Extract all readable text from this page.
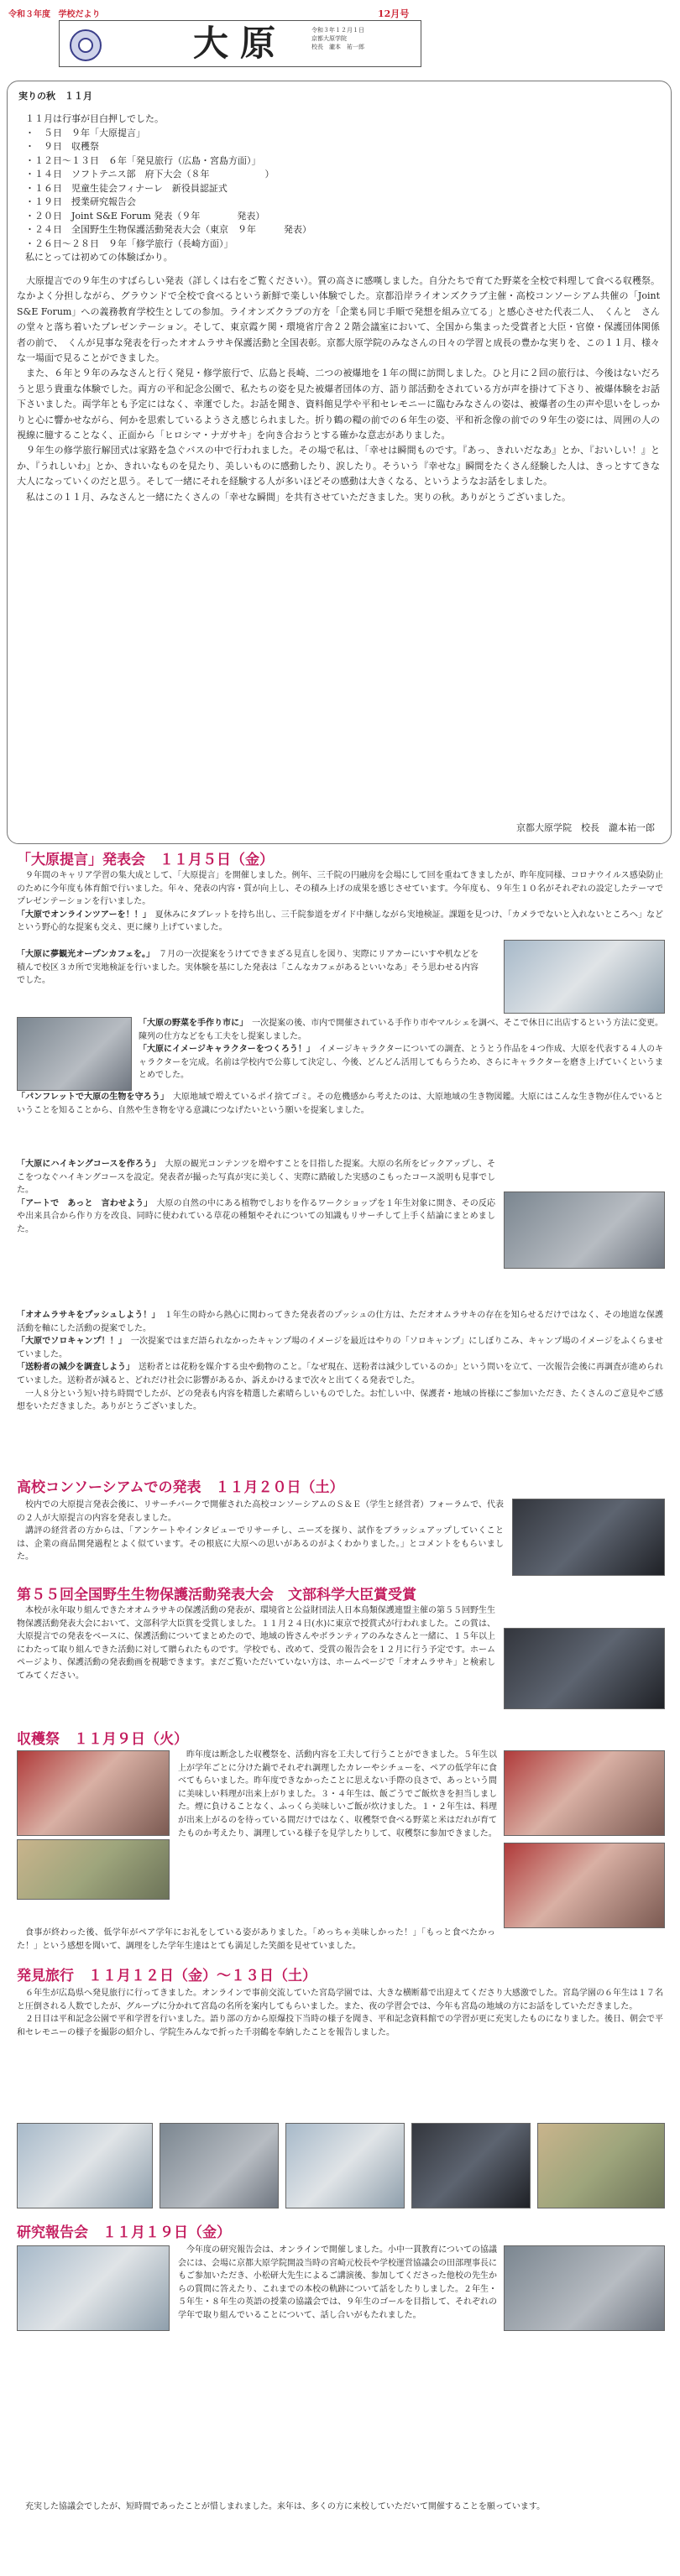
令和３年度 学校だより	12月号
大原	令和３年１２月１日
京都大原学院
校長　瀧本　祐一郎
実りの秋　１１月
１１月は行事が目白押しでした。
・　５日　９年「大原提言」
・　９日　収穫祭
・１２日～１３日　６年「発見旅行（広島・宮島方面）」
・１４日　ソフトテニス部　府下大会（８年　　　　　　）
・１６日　児童生徒会フィナーレ　新役員認証式
・１９日　授業研究報告会
・２０日　Joint S&E Forum 発表（９年　　　　発表）
・２４日　全国野生生物保護活動発表大会（東京　９年　　　発表）
・２６日～２８日　９年「修学旅行（長崎方面）」
私にとっては初めての体験ばかり。

大原提言での９年生のすばらしい発表（詳しくは右をご覧ください）。質の高さに感嘆しました。自分たちで育てた野菜を全校で料理して食べる収穫祭。なかよく分担しながら、グラウンドで全校で食べるという新鮮で楽しい体験でした。京都沿岸ライオンズクラブ主催・高校コンソーシアム共催の「Joint S&E Forum」への義務教育学校生としての参加。ライオンズクラブの方を「企業も同じ手順で発想を組み立てる」と感心させた代表二人、　くんと　さんの堂々と落ち着いたプレゼンテーション。そして、東京霞ケ関・環境省庁舎２２階会議室において、全国から集まった受賞者と大臣・官僚・保護団体関係者の前で、　くんが見事な発表を行ったオオムラサキ保護活動と全国表彰。京都大原学院のみなさんの日々の学習と成長の豊かな実りを、この１１月、様々な一場面で見ることができました。

また、６年と９年のみなさんと行く発見・修学旅行で、広島と長崎、二つの被爆地を１年の間に訪問しました。ひと月に２回の旅行は、今後はないだろうと思う貴重な体験でした。両方の平和記念公園で、私たちの姿を見た被爆者団体の方、語り部活動をされている方が声を掛けて下さり、被爆体験をお話下さいました。両学年とも予定にはなく、幸運でした。お話を聞き、資料館見学や平和セレモニーに臨むみなさんの姿は、被爆者の生の声や思いをしっかりと心に響かせながら、何かを思索しているようさえ感じられました。折り鶴の糧の前での６年生の姿、平和祈念像の前での９年生の姿には、周囲の人の視線に臆することなく、正面から「ヒロシマ・ナガサキ」を向き合おうとする確かな意志がありました。

９年生の修学旅行解団式は家路を急ぐバスの中で行われました。その場で私は、「幸せは瞬間ものです。『あっ、きれいだなあ』とか、『おいしい！』とか、『うれしいわ』とか、きれいなものを見たり、美しいものに感動したり、涙したり。そういう『幸せな』瞬間をたくさん経験した人は、きっとすてきな大人になっていくのだと思う。そして一緒にそれを経験する人が多いほどその感動は大きくなる、というようなお話をしました。

私はこの１１月、みなさんと一緒にたくさんの「幸せな瞬間」を共有させていただきました。実りの秋。ありがとうございました。

京都大原学院　校長　瀧本祐一郎
「大原提言」発表会　１１月５日（金）

９年間のキャリア学習の集大成として、「大原提言」を開催しました。例年、三千院の円融房を会場にして回を重ねてきましたが、昨年度同様、コロナウイルス感染防止のために今年度も体育館で行いました。年々、発表の内容・質が向上し、その積み上げの成果を感じさせています。今年度も、９年生１０名がそれぞれの設定したテーマでプレゼンテーションを行いました。

「大原でオンラインツアーを！！」　夏休みにタブレットを持ち出し、三千院参道をガイド中継しながら実地検証。課題を見つけ、「カメラでないと入れないところへ」などという野心的な提案も交え、更に練り上げていました。

「大原に夢観光オープンカフェを。」　７月の一次提案をうけてできまざる見直しを図り、実際にリアカーにいすや机などを積んで校区３カ所で実地検証を行いました。実体験を基にした発表は「こんなカフェがあるといいなあ」そう思わせる内容でした。

「大原の野菜を手作り市に」　一次提案の後、市内で開催されている手作り市やマルシェを調べ、そこで休日に出店するという方法に変更。陳列の仕方などをも工夫をし提案しました。

「大原にイメージキャラクターをつくろう！」　イメージキャラクターについての調査、とうとう作品を４つ作成、大原を代表する４人のキャラクターを完成。名前は学校内で公募して決定し、今後、どんどん活用してもらうため、さらにキャラクターを磨き上げていくというまとめでした。

「パンフレットで大原の生物を守ろう」　大原地域で増えているポイ捨てゴミ。その危機感から考えたのは、大原地域の生き物図鑑。大原にはこんな生き物が住んでいるということを知ることから、自然や生き物を守る意識につなげたいという願いを提案しました。

「大原にハイキングコースを作ろう」　大原の観光コンテンツを増やすことを目指した提案。大原の名所をピックアップし、そこをつなぐハイキングコースを設定。発表者が撮った写真が実に美しく、実際に踏破した実感のこもったコース説明も見事でした。

「アートで　あっと　言わせよう」　大原の自然の中にある植物でしおりを作るワークショップを１年生対象に開き、その反応や出来具合から作り方を改良、同時に使われている草花の種類やそれについての知識もリサーチして上手く結論にまとめました。

「オオムラサキをプッシュしよう！」　１年生の時から熱心に関わってきた発表者のプッシュの仕方は、ただオオムラサキの存在を知らせるだけではなく、その地道な保護活動を軸にした活動の提案でした。

「大原でソロキャンプ！！」　一次提案ではまだ語られなかったキャンプ場のイメージを最近はやりの「ソロキャンプ」にしぼりこみ、キャンプ場のイメージをふくらませていました。

「送粉者の減少を調査しよう」　送粉者とは花粉を媒介する虫や動物のこと。「なぜ現在、送粉者は減少しているのか」という問いを立て、一次報告会後に再調査が進められていました。送粉者が減ると、どれだけ社会に影響があるか、訴えかけるまで次々と出てくる発表でした。

一人８分という短い持ち時間でしたが、どの発表も内容を精選した素晴らしいものでした。お忙しい中、保護者・地域の皆様にご参加いただき、たくさんのご意見やご感想をいただきました。ありがとうございました。

高校コンソーシアムでの発表　１１月２０日（土）

校内での大原提言発表会後に、リサーチバークで開催された高校コンソーシアムのＳ＆Ｅ（学生と経営者）フォーラムで、代表の２人が大原提言の内容を発表しました。

講評の経営者の方からは、「アンケートやインタビューでリサーチし、ニーズを探り、試作をブラッシュアップしていくことは、企業の商品開発過程とよく似ています。その根底に大原への思いがあるのがよくわかりました。」とコメントをもらいました。

第５５回全国野生生物保護活動発表大会　文部科学大臣賞受賞

本校が永年取り組んできたオオムラサキの保護活動の発表が、環境省と公益財団法人日本鳥類保護連盟主催の第５５回野生生物保護活動発表大会において、文部科学大臣賞を受賞しました。１１月２４日(水)に東京で授賞式が行われました。この賞は、大原提言での発表をベースに、保護活動についてまとめたので、地域の皆さんやボランティアのみなさんと一緒に、１５年以上にわたって取り組んできた活動に対して贈られたものです。学校でも、改めて、受賞の報告会を１２月に行う予定です。ホームページより、保護活動の発表動画を視聴できます。まだご覧いただいていない方は、ホームページで「オオムラサキ」と検索してみてください。

収穫祭　１１月９日（火）

昨年度は断念した収穫祭を、活動内容を工夫して行うことができました。５年生以上が学年ごとに分けた鍋でそれぞれ調理したカレーやシチューを、ペアの低学年に食べてもらいました。昨年度できなかったことに思えない手際の良さで、あっという間に美味しい料理が出来上がりました。３・４年生は、飯ごうでご飯炊きを担当しました。煙に負けることなく、ふっくら美味しいご飯が炊けました。１・２年生は、料理が出来上がるのを待っている間だけではなく、収穫祭で食べる野菜と米はだれが育てたものか考えたり、調理している様子を見学したりして、収穫祭に参加できました。

食事が終わった後、低学年がペア学年にお礼をしている姿がありました。「めっちゃ美味しかった！」「もっと食べたかった！」という感想を聞いて、調理をした学年生達はとても満足した笑顔を見せていました。

発見旅行　１１月１２日（金）～１３日（土）

６年生が広島県へ発見旅行に行ってきました。オンラインで事前交流していた宮島学園では、大きな横断幕で出迎えてくださり大感激でした。宮島学園の６年生は１７名と圧倒される人数でしたが、グループに分かれて宮島の名所を案内してもらいました。また、夜の学習会では、今年も宮島の地域の方にお話をしていただきました。

２日目は平和記念公園で平和学習を行いました。語り部の方から原爆投下当時の様子を聞き、平和記念資料館での学習が更に充実したものになりました。後日、朝会で平和セレモニーの様子を撮影の紹介し、学院生みんなで折った千羽鶴を奉納したことを報告しました。

研究報告会　１１月１９日（金）

今年度の研究報告会は、オンラインで開催しました。小中一貫教育についての協議会には、会場に京都大原学院開設当時の宮崎元校長や学校運営協議会の田部理事長にもご参加いただき、小松研大先生によるご講演後、参加してくださった他校の先生からの質問に答えたり、これまでの本校の軌跡について話をしたりしました。２年生・５年生・８年生の英語の授業の協議会では、９年生のゴールを目指して、それぞれの学年で取り組んでいることについて、話し合いがもたれました。

充実した協議会でしたが、短時間であったことが惜しまれました。来年は、多くの方に来校していただいて開催することを願っています。
